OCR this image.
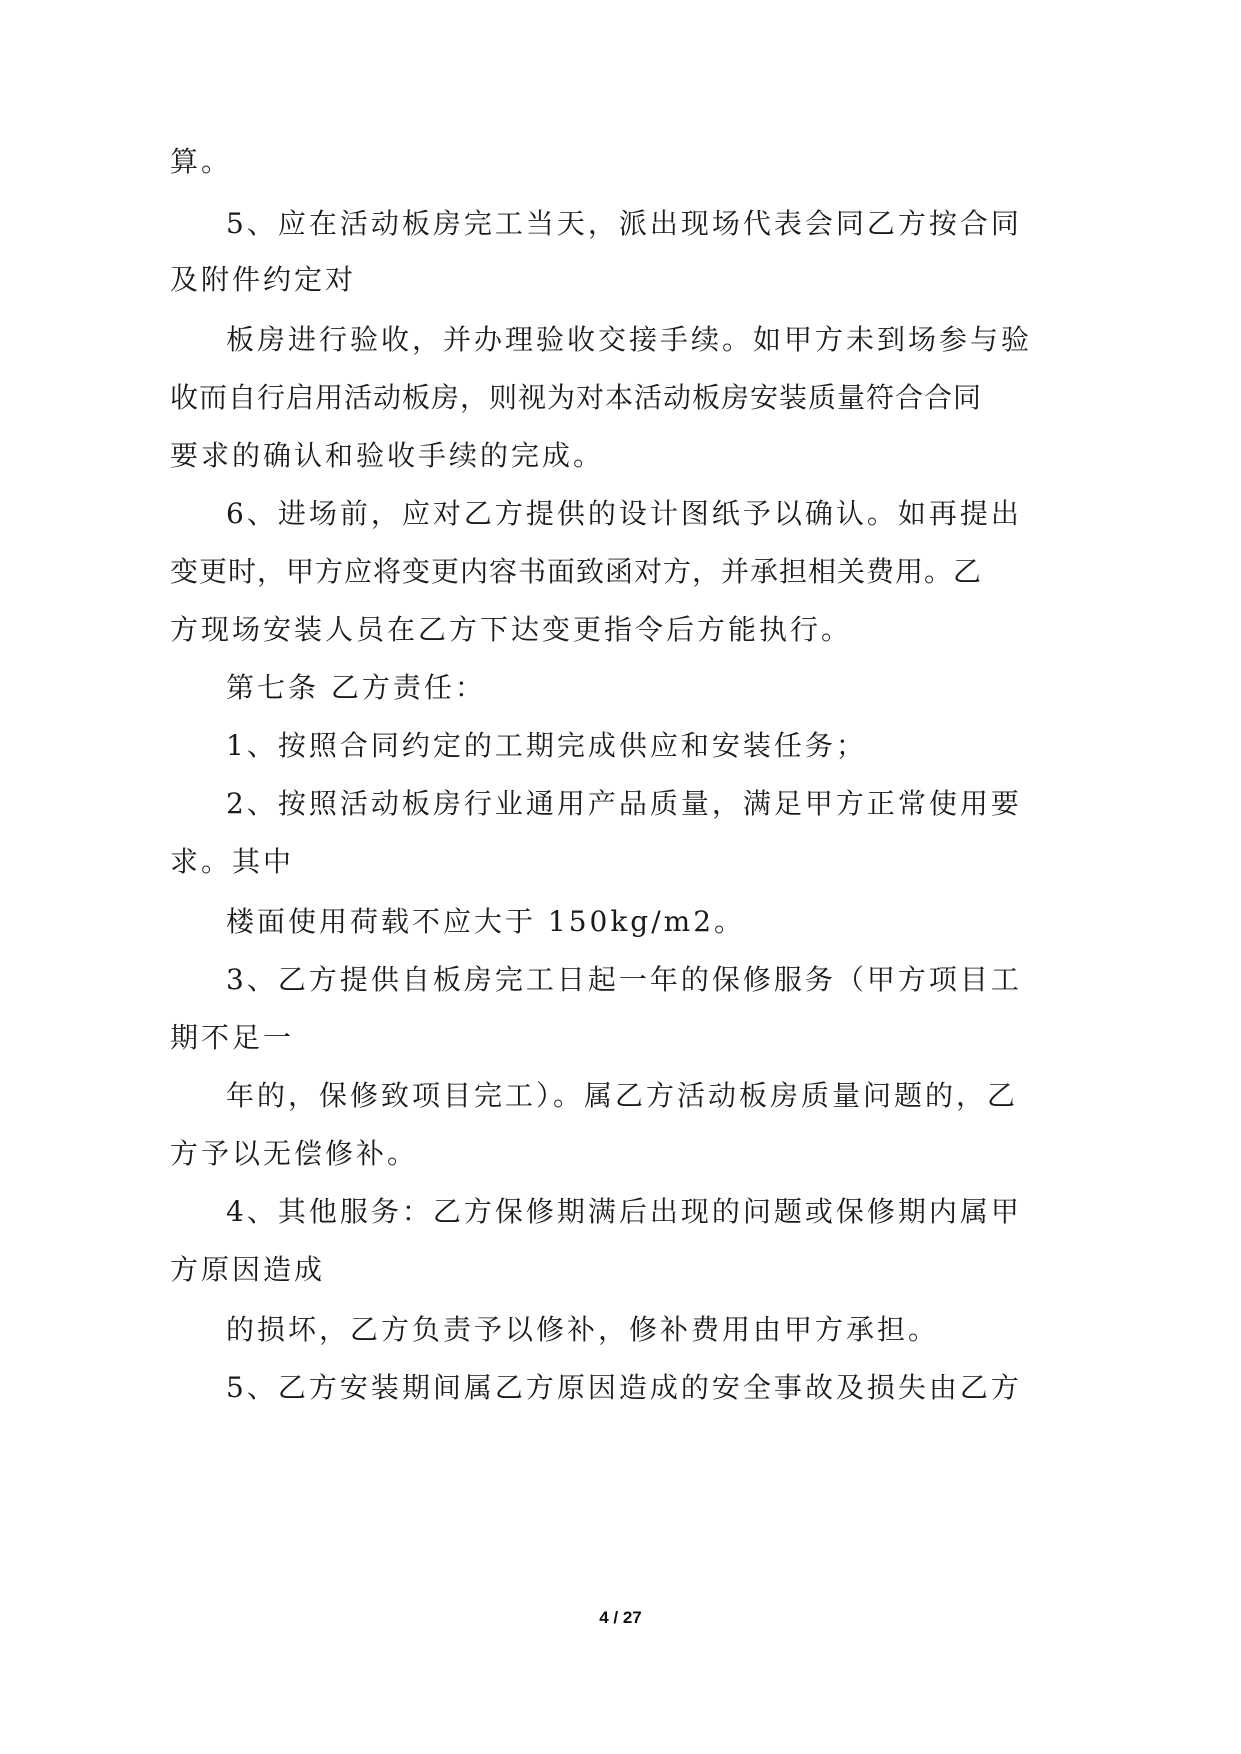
算。
5、应在活动板房完工当天，派出现场代表会同乙方按合同
及附件约定对
板房进行验收，并办理验收交接手续。如甲方未到场参与验
收而自行启用活动板房，则视为对本活动板房安装质量符合合同
要求的确认和验收手续的完成。
6、进场前，应对乙方提供的设计图纸予以确认。如再提出
变更时，甲方应将变更内容书面致函对方，并承担相关费用。乙
方现场安装人员在乙方下达变更指令后方能执行。
第七条 乙方责任：
1、按照合同约定的工期完成供应和安装任务；
2、按照活动板房行业通用产品质量，满足甲方正常使用要
求。其中
楼面使用荷载不应大于 150kg/m2。
3、乙方提供自板房完工日起一年的保修服务（甲方项目工
期不足一
年的，保修致项目完工）。属乙方活动板房质量问题的，乙
方予以无偿修补。
4、其他服务：乙方保修期满后出现的问题或保修期内属甲
方原因造成
的损坏，乙方负责予以修补，修补费用由甲方承担。
5、乙方安装期间属乙方原因造成的安全事故及损失由乙方
4 / 27
